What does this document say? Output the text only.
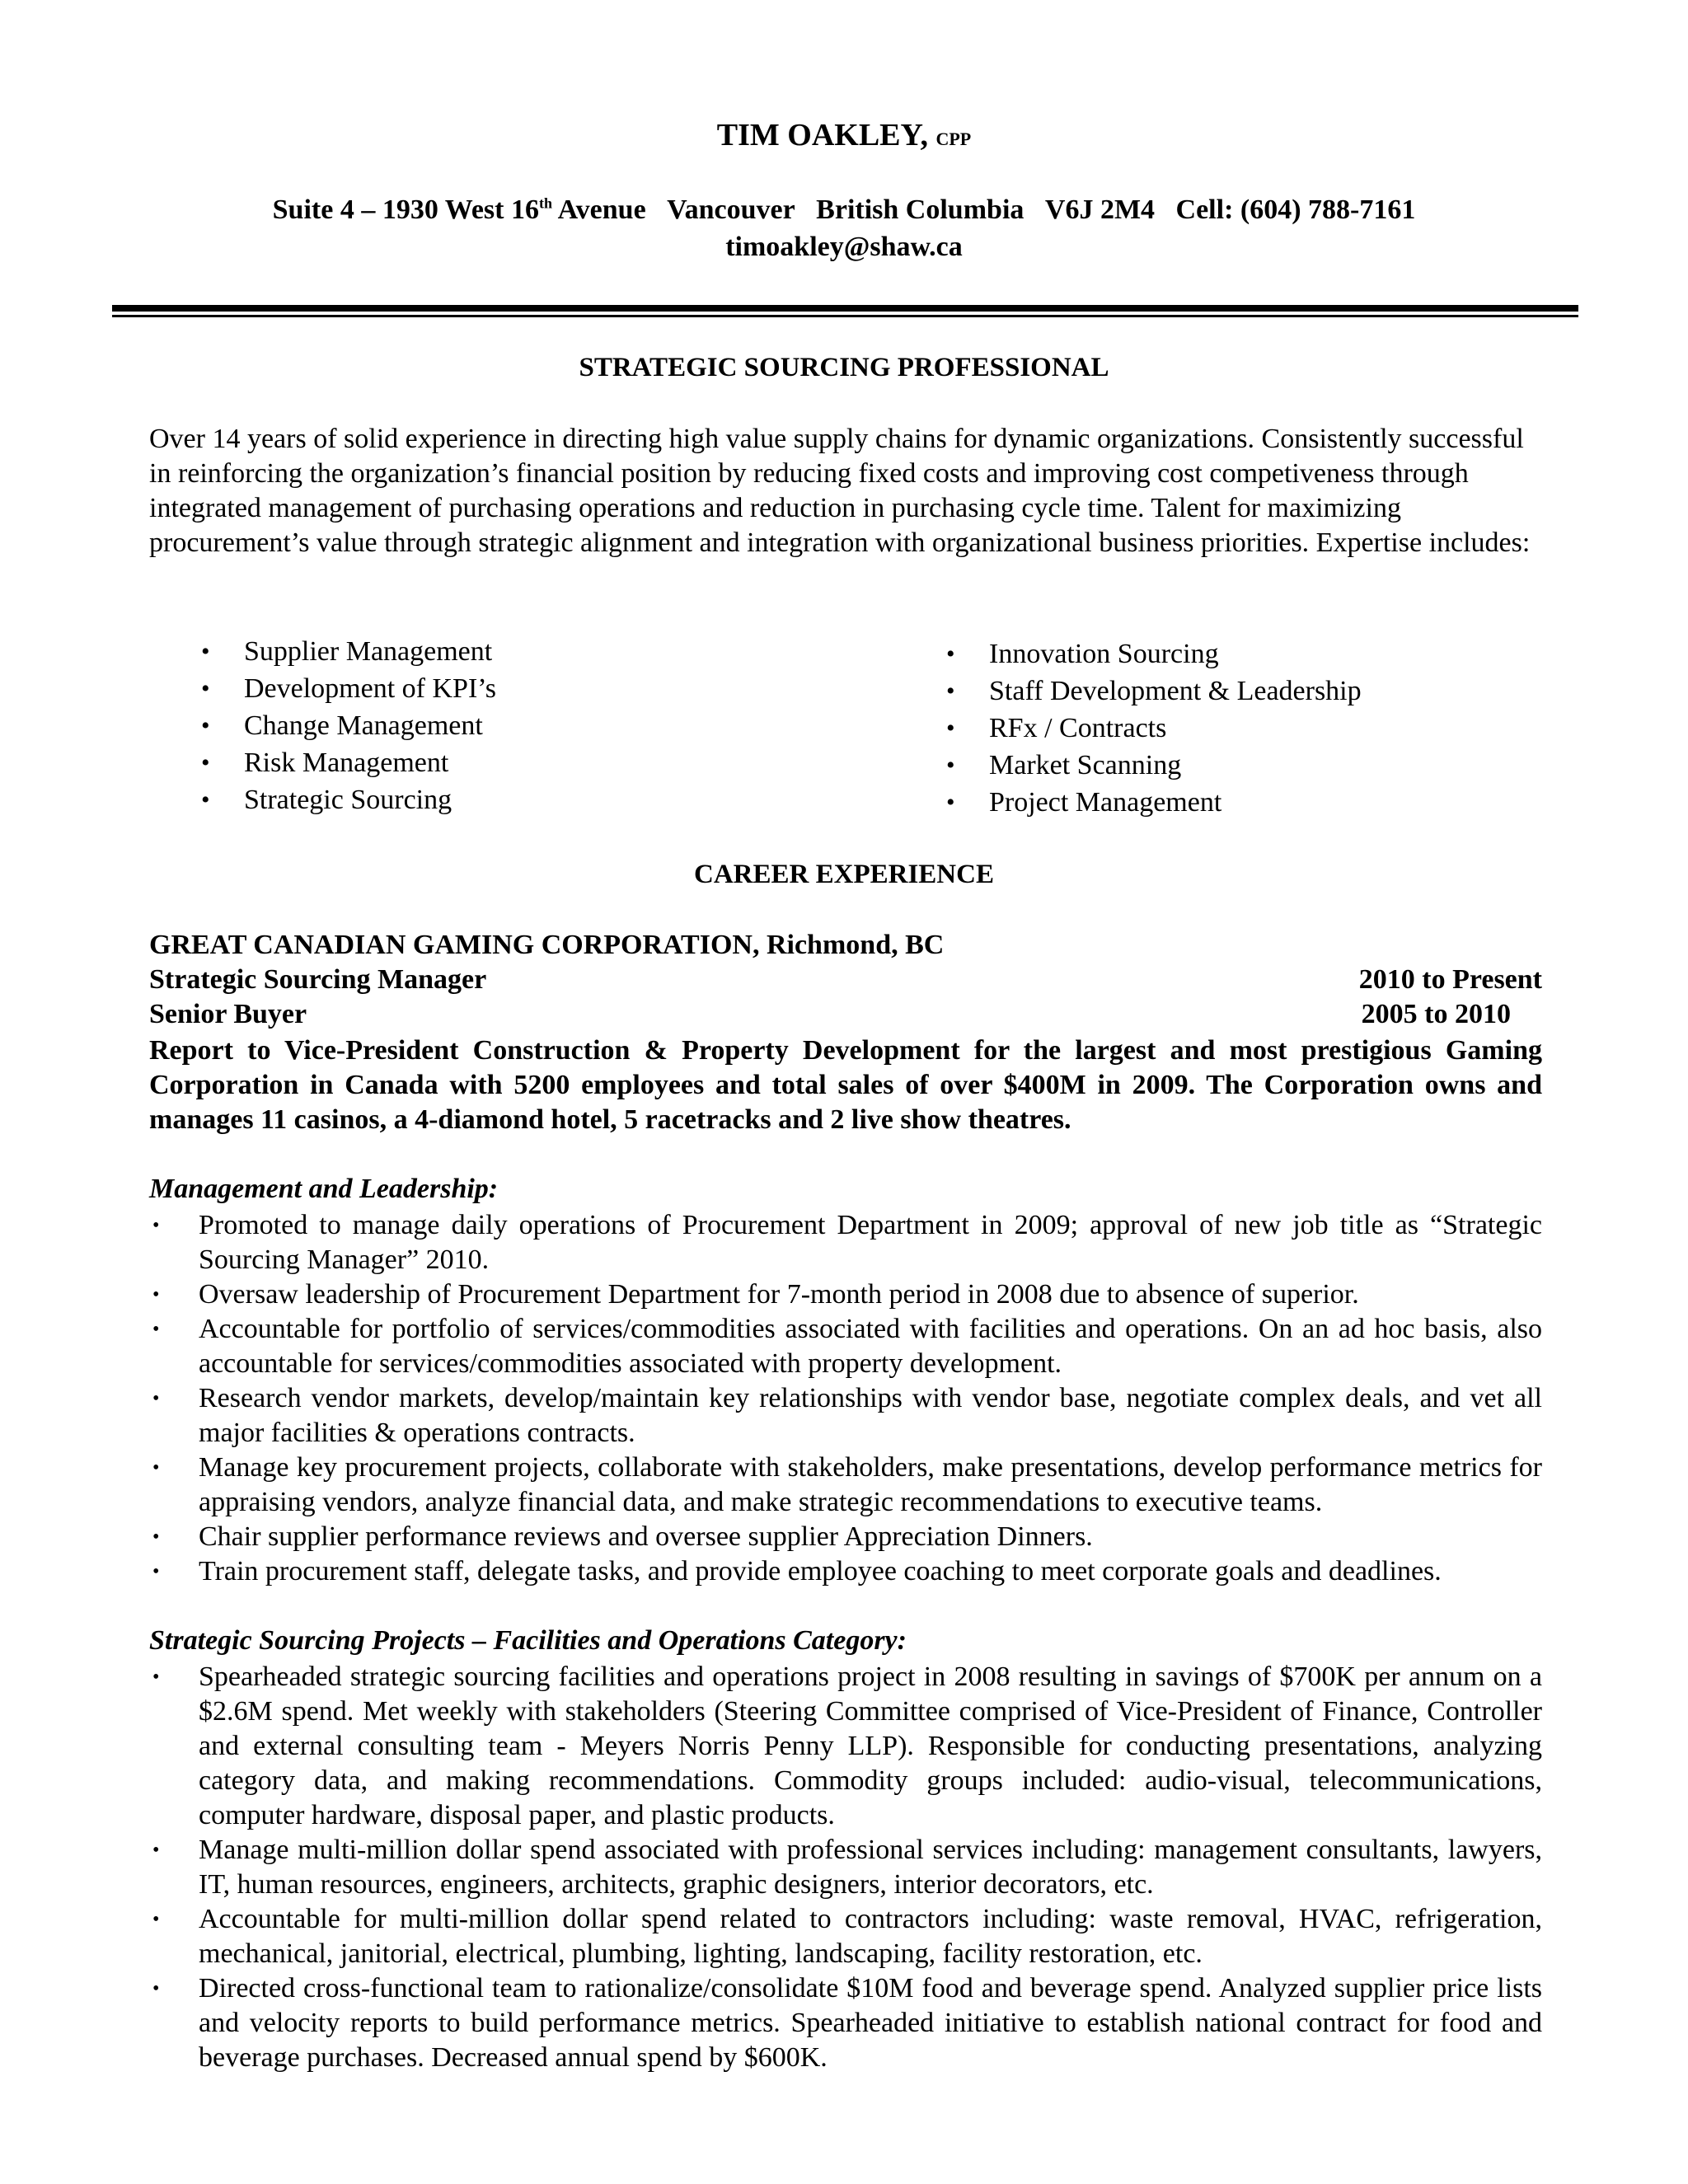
TIM OAKLEY, CPP
Suite 4 – 1930 West 16th Avenue   Vancouver   British Columbia   V6J 2M4   Cell: (604) 788-7161
timoakley@shaw.ca
STRATEGIC SOURCING PROFESSIONAL
Over 14 years of solid experience in directing high value supply chains for dynamic organizations. Consistently successful in reinforcing the organization’s financial position by reducing fixed costs and improving cost competiveness through integrated management of purchasing operations and reduction in purchasing cycle time. Talent for maximizing procurement’s value through strategic alignment and integration with organizational business priorities. Expertise includes:
• Supplier Management
• Development of KPI’s
• Change Management
• Risk Management
• Strategic Sourcing
• Innovation Sourcing
• Staff Development & Leadership
• RFx / Contracts
• Market Scanning
• Project Management
CAREER EXPERIENCE
GREAT CANADIAN GAMING CORPORATION, Richmond, BC
Strategic Sourcing Manager	2010 to Present
Senior Buyer	2005 to 2010
Report to Vice-President Construction & Property Development for the largest and most prestigious Gaming Corporation in Canada with 5200 employees and total sales of over $400M in 2009. The Corporation owns and manages 11 casinos, a 4-diamond hotel, 5 racetracks and 2 live show theatres.
Management and Leadership:
• Promoted to manage daily operations of Procurement Department in 2009; approval of new job title as “Strategic Sourcing Manager” 2010.
• Oversaw leadership of Procurement Department for 7-month period in 2008 due to absence of superior.
• Accountable for portfolio of services/commodities associated with facilities and operations. On an ad hoc basis, also accountable for services/commodities associated with property development.
• Research vendor markets, develop/maintain key relationships with vendor base, negotiate complex deals, and vet all major facilities & operations contracts.
• Manage key procurement projects, collaborate with stakeholders, make presentations, develop performance metrics for appraising vendors, analyze financial data, and make strategic recommendations to executive teams.
• Chair supplier performance reviews and oversee supplier Appreciation Dinners.
• Train procurement staff, delegate tasks, and provide employee coaching to meet corporate goals and deadlines.
Strategic Sourcing Projects – Facilities and Operations Category:
• Spearheaded strategic sourcing facilities and operations project in 2008 resulting in savings of $700K per annum on a $2.6M spend. Met weekly with stakeholders (Steering Committee comprised of Vice-President of Finance, Controller and external consulting team - Meyers Norris Penny LLP). Responsible for conducting presentations, analyzing category data, and making recommendations. Commodity groups included: audio-visual, telecommunications, computer hardware, disposal paper, and plastic products.
• Manage multi-million dollar spend associated with professional services including: management consultants, lawyers, IT, human resources, engineers, architects, graphic designers, interior decorators, etc.
• Accountable for multi-million dollar spend related to contractors including: waste removal, HVAC, refrigeration, mechanical, janitorial, electrical, plumbing, lighting, landscaping, facility restoration, etc.
• Directed cross-functional team to rationalize/consolidate $10M food and beverage spend. Analyzed supplier price lists and velocity reports to build performance metrics. Spearheaded initiative to establish national contract for food and beverage purchases. Decreased annual spend by $600K.
